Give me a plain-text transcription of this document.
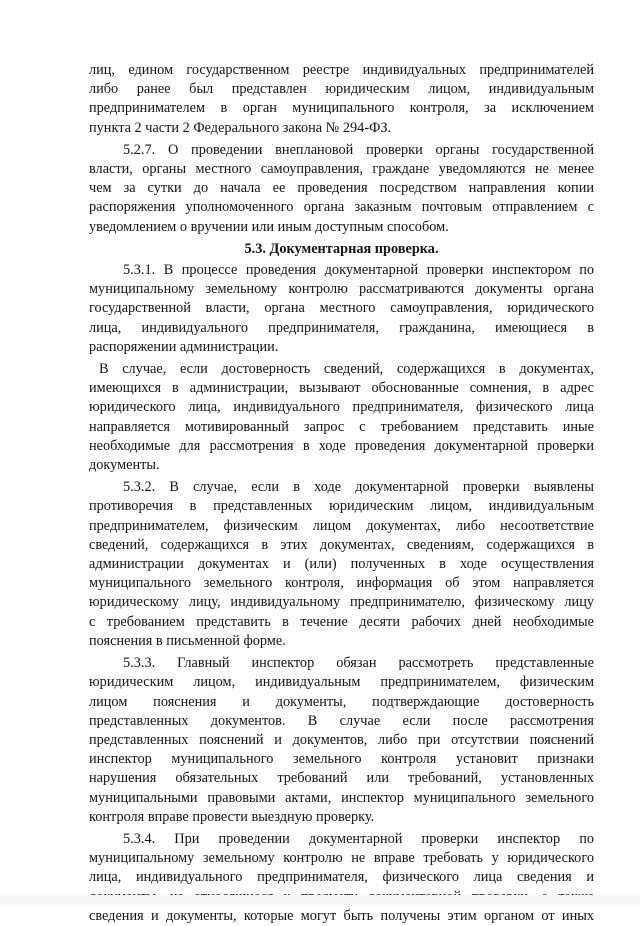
лиц, едином государственном реестре индивидуальных предпринимателей
либо ранее был представлен юридическим лицом, индивидуальным
предпринимателем в орган муниципального контроля, за исключением
пункта 2 части 2 Федерального закона № 294-ФЗ.
5.2.7. О проведении внеплановой проверки органы государственной
власти, органы местного самоуправления, граждане уведомляются не менее
чем за сутки до начала ее проведения посредством направления копии
распоряжения уполномоченного органа заказным почтовым отправлением с
уведомлением о вручении или иным доступным способом.
5.3. Документарная проверка.
5.3.1. В процессе проведения документарной проверки инспектором по
муниципальному земельному контролю рассматриваются документы органа
государственной власти, органа местного самоуправления, юридического
лица, индивидуального предпринимателя, гражданина, имеющиеся в
распоряжении администрации.
В случае, если достоверность сведений, содержащихся в документах,
имеющихся в администрации, вызывают обоснованные сомнения, в адрес
юридического лица, индивидуального предпринимателя, физического лица
направляется мотивированный запрос с требованием представить иные
необходимые для рассмотрения в ходе проведения документарной проверки
документы.
5.3.2. В случае, если в ходе документарной проверки выявлены
противоречия в представленных юридическим лицом, индивидуальным
предпринимателем, физическим лицом документах, либо несоответствие
сведений, содержащихся в этих документах, сведениям, содержащихся в
администрации документах и (или) полученных в ходе осуществления
муниципального земельного контроля, информация об этом направляется
юридическому лицу, индивидуальному предпринимателю, физическому лицу
с требованием представить в течение десяти рабочих дней необходимые
пояснения в письменной форме.
5.3.3. Главный инспектор обязан рассмотреть представленные
юридическим лицом, индивидуальным предпринимателем, физическим
лицом пояснения и документы, подтверждающие достоверность
представленных документов. В случае если после рассмотрения
представленных пояснений и документов, либо при отсутствии пояснений
инспектор муниципального земельного контроля установит признаки
нарушения обязательных требований или требований, установленных
муниципальными правовыми актами, инспектор муниципального земельного
контроля вправе провести выездную проверку.
5.3.4. При проведении документарной проверки инспектор по
муниципальному земельному контролю не вправе требовать у юридического
лица, индивидуального предпринимателя, физического лица сведения и
сведения и документы, которые могут быть получены этим органом от иных
